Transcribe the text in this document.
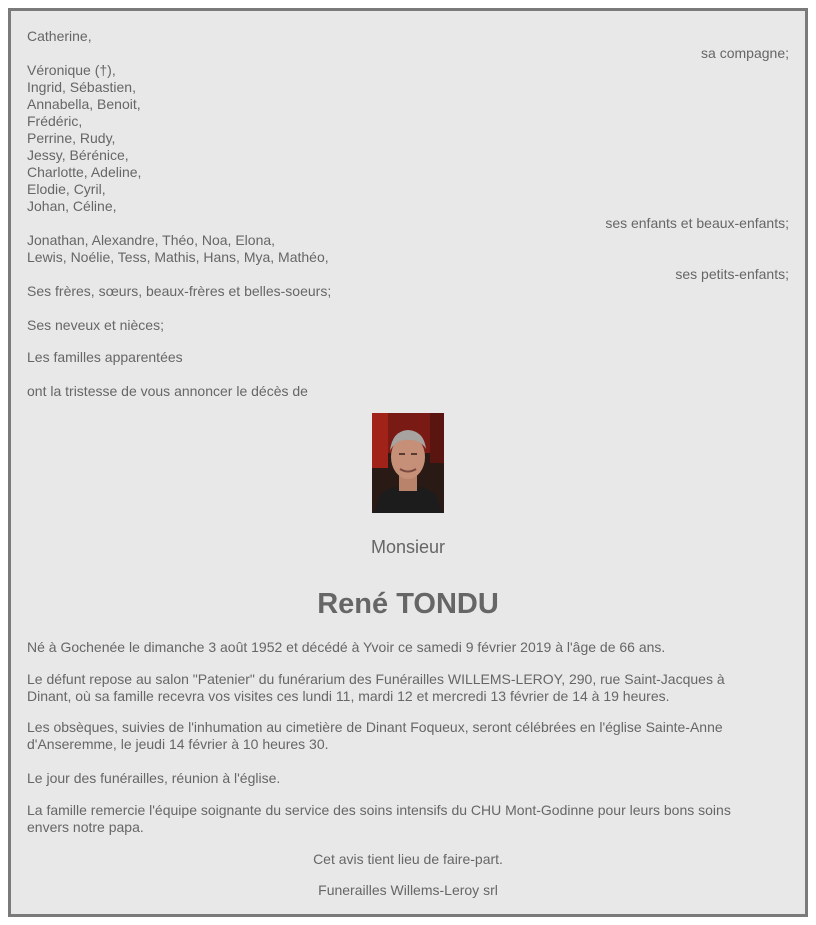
Catherine,
sa compagne;
Véronique (†),
Ingrid, Sébastien,
Annabella, Benoit,
Frédéric,
Perrine, Rudy,
Jessy, Bérénice,
Charlotte, Adeline,
Elodie, Cyril,
Johan, Céline,
ses enfants et beaux-enfants;
Jonathan, Alexandre, Théo, Noa, Elona,
Lewis, Noélie, Tess, Mathis, Hans, Mya, Mathéo,
ses petits-enfants;
Ses frères, sœurs, beaux-frères et belles-soeurs;
Ses neveux et nièces;
Les familles apparentées
ont la tristesse de vous annoncer le décès de
Monsieur
René TONDU
Né à Gochenée le dimanche 3 août 1952 et décédé à Yvoir ce samedi 9 février 2019 à l'âge de 66 ans.
Le défunt repose au salon "Patenier" du funérarium des Funérailles WILLEMS-LEROY, 290, rue Saint-Jacques à Dinant, où sa famille recevra vos visites ces lundi 11, mardi 12 et mercredi 13 février de 14 à 19 heures.
Les obsèques, suivies de l'inhumation au cimetière de Dinant Foqueux, seront célébrées en l'église Sainte-Anne d'Anseremme, le jeudi 14 février à 10 heures 30.
Le jour des funérailles, réunion à l'église.
La famille remercie l'équipe soignante du service des soins intensifs du CHU Mont-Godinne pour leurs bons soins envers notre papa.
Cet avis tient lieu de faire-part.
Funerailles Willems-Leroy srl
